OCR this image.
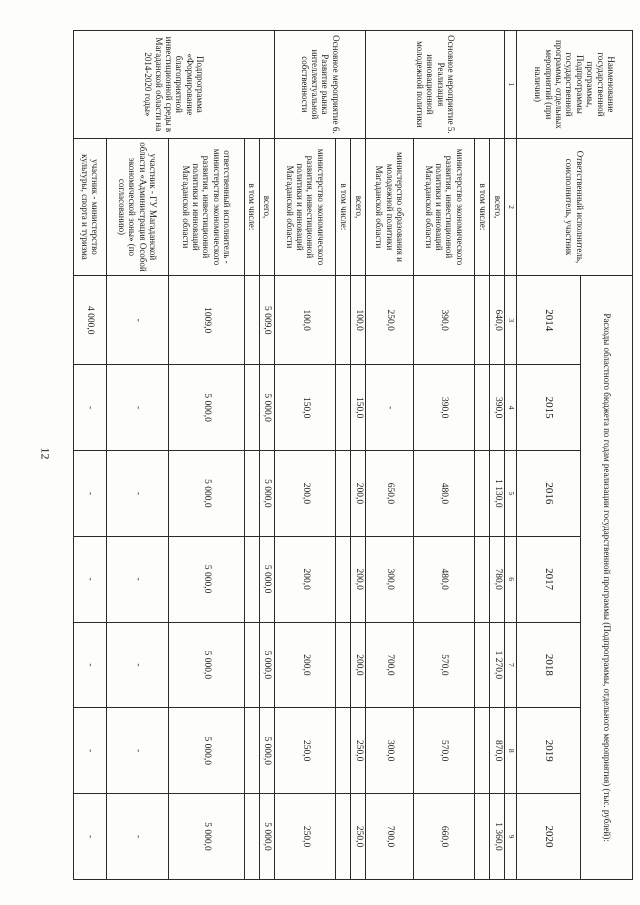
12
Наименование государственной программы, Подпрограммы государственной программы, отдельных мероприятий (при наличии)	Ответственный исполнитель, соисполнитель, участник	Расходы областного бюджета по годам реализации государственной программы (Подпрограммы, отдельного мероприятия) (тыс. рублей):						
		2014	2015	2016	2017	2018	2019	2020
1	2	3	4	5	6	7	8	9
Основное мероприятие 5. Реализация инновационной молодежной политики	всего,	640,0	390,0	1 130,0	780,0	1 270,0	870,0	1 360,0
	в том числе:							
	министерство экономического развития, инвестиционной политики и инноваций Магаданской области	390,0	390,0	480,0	480,0	570,0	570,0	660,0
	министерство образования и молодежной политики Магаданской области	250,0	-	650,0	300,0	700,0	300,0	700,0
Основное мероприятие 6. Развитие рынка интеллектуальной собственности	всего,	100,0	150,0	200,0	200,0	200,0	250,0	250,0
	в том числе:							
	министерство экономического развития, инвестиционной политики и инноваций Магаданской области	100,0	150,0	200,0	200,0	200,0	250,0	250,0
Подпрограмма «Формирование благоприятной инвестиционной среды в Магаданской области на 2014-2020 годы»	всего,	5 009,0	5 000,0	5 000,0	5 000,0	5 000,0	5 000,0	5 000,0
	в том числе:							
	ответственный исполнитель - министерство экономического развития, инвестиционной политики и инноваций Магаданской области	1009,0	5 000,0	5 000,0	5 000,0	5 000,0	5 000,0	5 000,0
	участник - ГУ Магаданской области «Администрация Особой экономической зоны» (по согласованию)	-	-	-	-	-	-	-
	участник - министерство культуры, спорта и туризма	4 000,0	-	-	-	-	-	-
